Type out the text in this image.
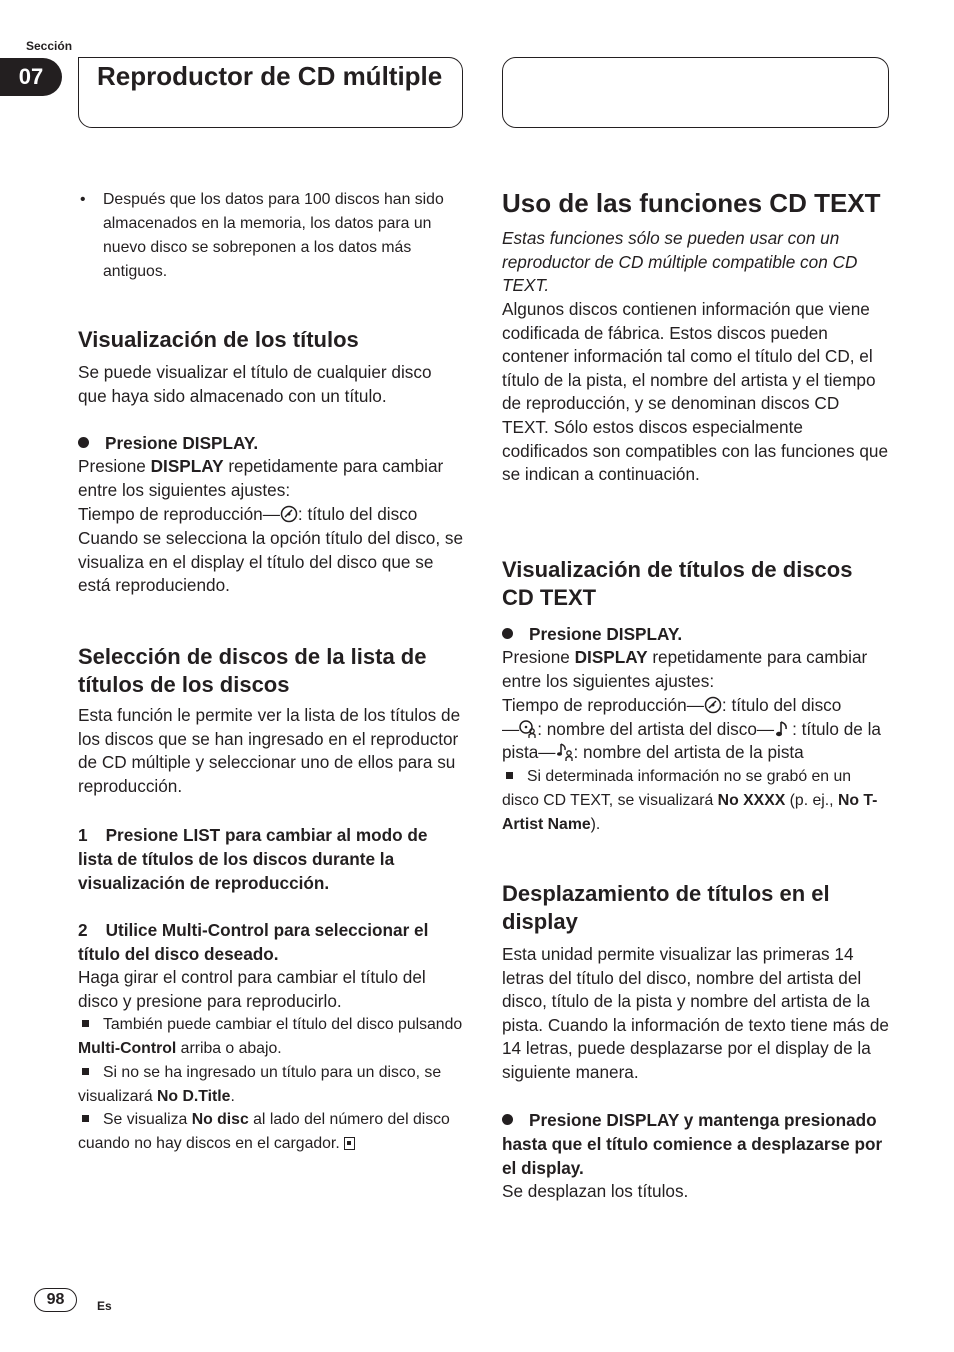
Sección
07	Reproductor de CD múltiple
• Después que los datos para 100 discos han sido almacenados en la memoria, los datos para un nuevo disco se sobreponen a los datos más antiguos.
Visualización de los títulos
Se puede visualizar el título de cualquier disco que haya sido almacenado con un título.
Presione DISPLAY.
Presione DISPLAY repetidamente para cambiar entre los siguientes ajustes:
Tiempo de reproducción— : título del disco
Cuando se selecciona la opción título del disco, se visualiza en el display el título del disco que se está reproduciendo.
Selección de discos de la lista de títulos de los discos
Esta función le permite ver la lista de los títulos de los discos que se han ingresado en el reproductor de CD múltiple y seleccionar uno de ellos para su reproducción.
1 Presione LIST para cambiar al modo de lista de títulos de los discos durante la visualización de reproducción.
2 Utilice Multi-Control para seleccionar el título del disco deseado.
Haga girar el control para cambiar el título del disco y presione para reproducirlo.
También puede cambiar el título del disco pulsando Multi-Control arriba o abajo.
Si no se ha ingresado un título para un disco, se visualizará No D.Title.
Se visualiza No disc al lado del número del disco cuando no hay discos en el cargador.
Uso de las funciones CD TEXT
Estas funciones sólo se pueden usar con un reproductor de CD múltiple compatible con CD TEXT.
Algunos discos contienen información que viene codificada de fábrica. Estos discos pueden contener información tal como el título del CD, el título de la pista, el nombre del artista y el tiempo de reproducción, y se denominan discos CD TEXT. Sólo estos discos especialmente codificados son compatibles con las funciones que se indican a continuación.
Visualización de títulos de discos CD TEXT
Presione DISPLAY.
Presione DISPLAY repetidamente para cambiar entre los siguientes ajustes:
Tiempo de reproducción— : título del disco
— : nombre del artista del disco— : título de la pista— : nombre del artista de la pista
Si determinada información no se grabó en un disco CD TEXT, se visualizará No XXXX (p. ej., No T-Artist Name).
Desplazamiento de títulos en el display
Esta unidad permite visualizar las primeras 14 letras del título del disco, nombre del artista del disco, título de la pista y nombre del artista de la pista. Cuando la información de texto tiene más de 14 letras, puede desplazarse por el display de la siguiente manera.
Presione DISPLAY y mantenga presionado hasta que el título comience a desplazarse por el display.
Se desplazan los títulos.
98	Es
